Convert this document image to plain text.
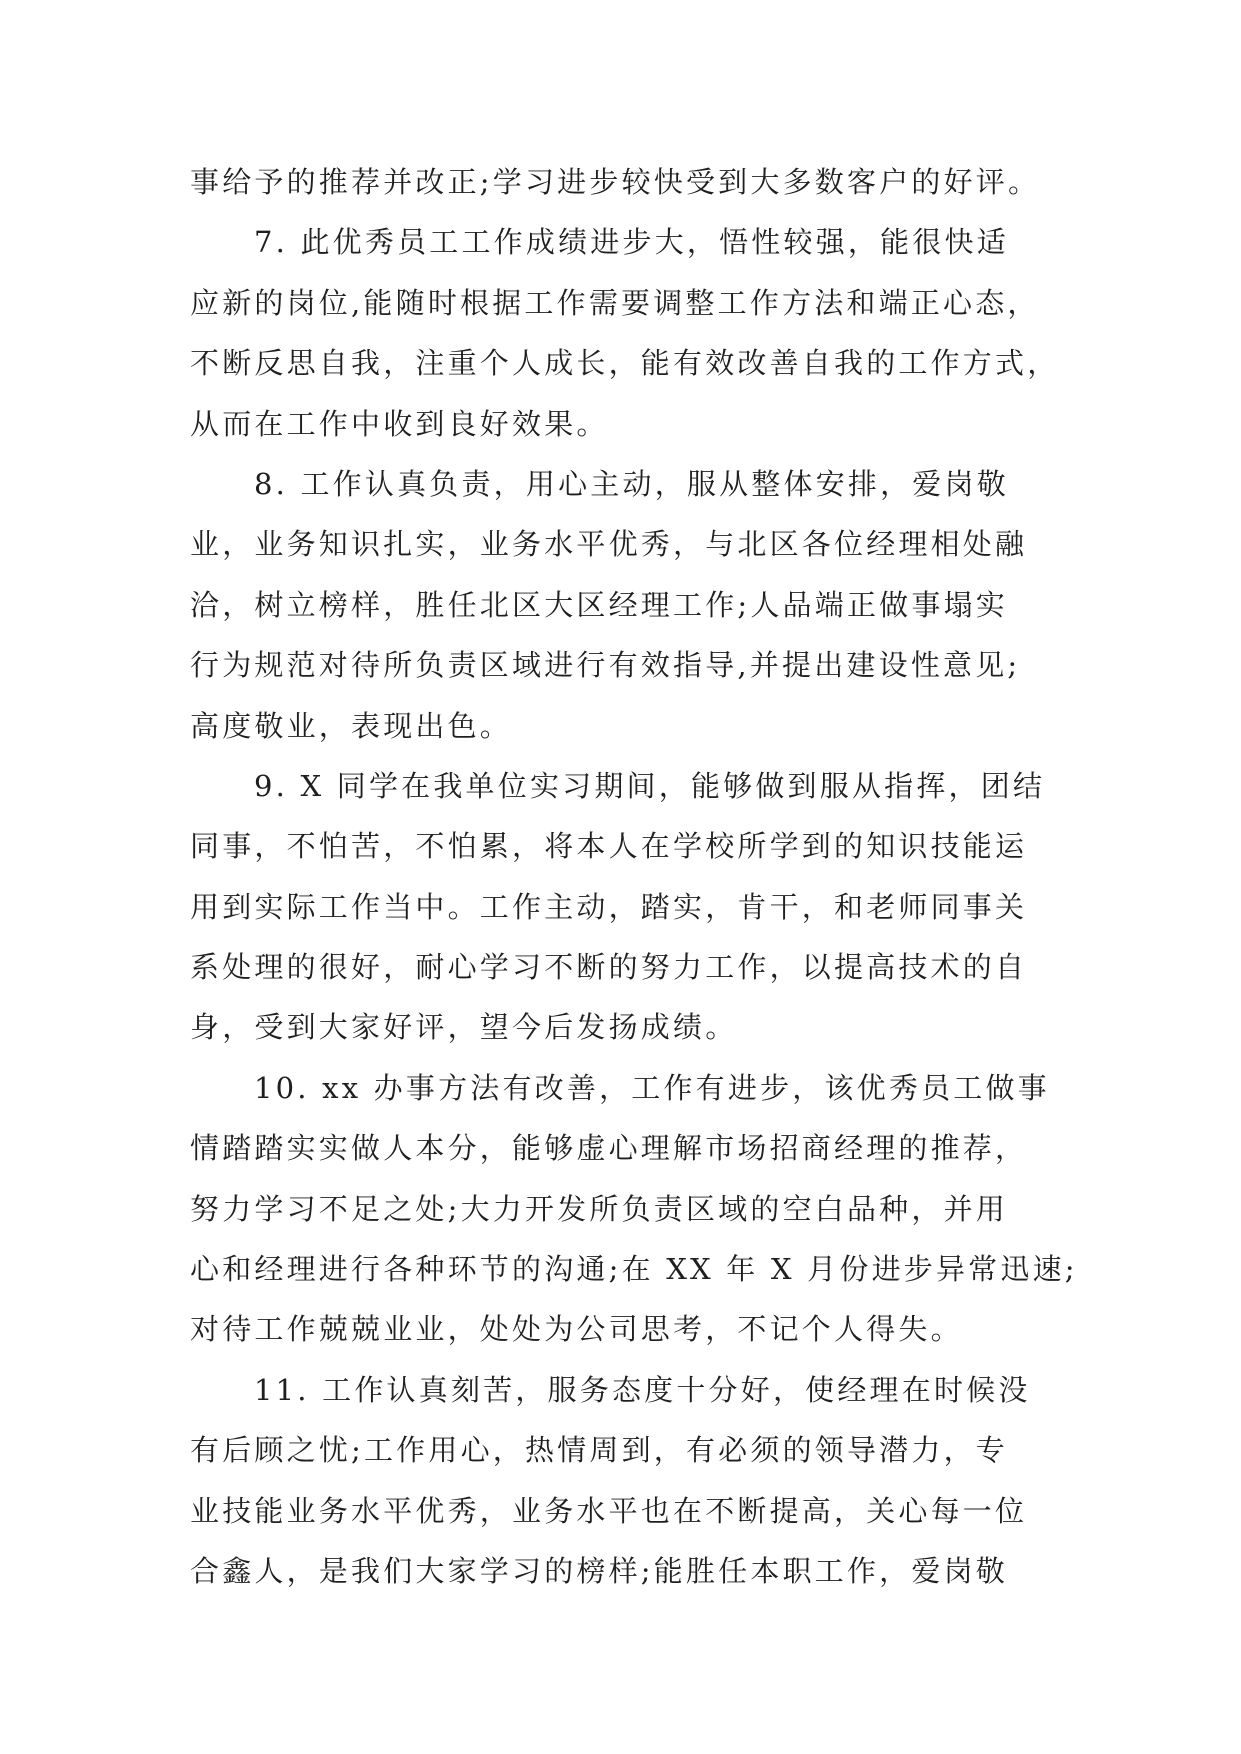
事给予的推荐并改正;学习进步较快受到大多数客户的好评。
7. 此优秀员工工作成绩进步大，悟性较强，能很快适
应新的岗位,能随时根据工作需要调整工作方法和端正心态，
不断反思自我，注重个人成长，能有效改善自我的工作方式，
从而在工作中收到良好效果。
8. 工作认真负责，用心主动，服从整体安排，爱岗敬
业，业务知识扎实，业务水平优秀，与北区各位经理相处融
洽，树立榜样，胜任北区大区经理工作;人品端正做事塌实
行为规范对待所负责区域进行有效指导,并提出建设性意见;
高度敬业，表现出色。
9. X 同学在我单位实习期间，能够做到服从指挥，团结
同事，不怕苦，不怕累，将本人在学校所学到的知识技能运
用到实际工作当中。工作主动，踏实，肯干，和老师同事关
系处理的很好，耐心学习不断的努力工作，以提高技术的自
身，受到大家好评，望今后发扬成绩。
10. xx 办事方法有改善，工作有进步，该优秀员工做事
情踏踏实实做人本分，能够虚心理解市场招商经理的推荐，
努力学习不足之处;大力开发所负责区域的空白品种，并用
心和经理进行各种环节的沟通;在 XX 年 X 月份进步异常迅速;
对待工作兢兢业业，处处为公司思考，不记个人得失。
11. 工作认真刻苦，服务态度十分好，使经理在时候没
有后顾之忧;工作用心，热情周到，有必须的领导潜力，专
业技能业务水平优秀，业务水平也在不断提高，关心每一位
合鑫人，是我们大家学习的榜样;能胜任本职工作，爱岗敬
